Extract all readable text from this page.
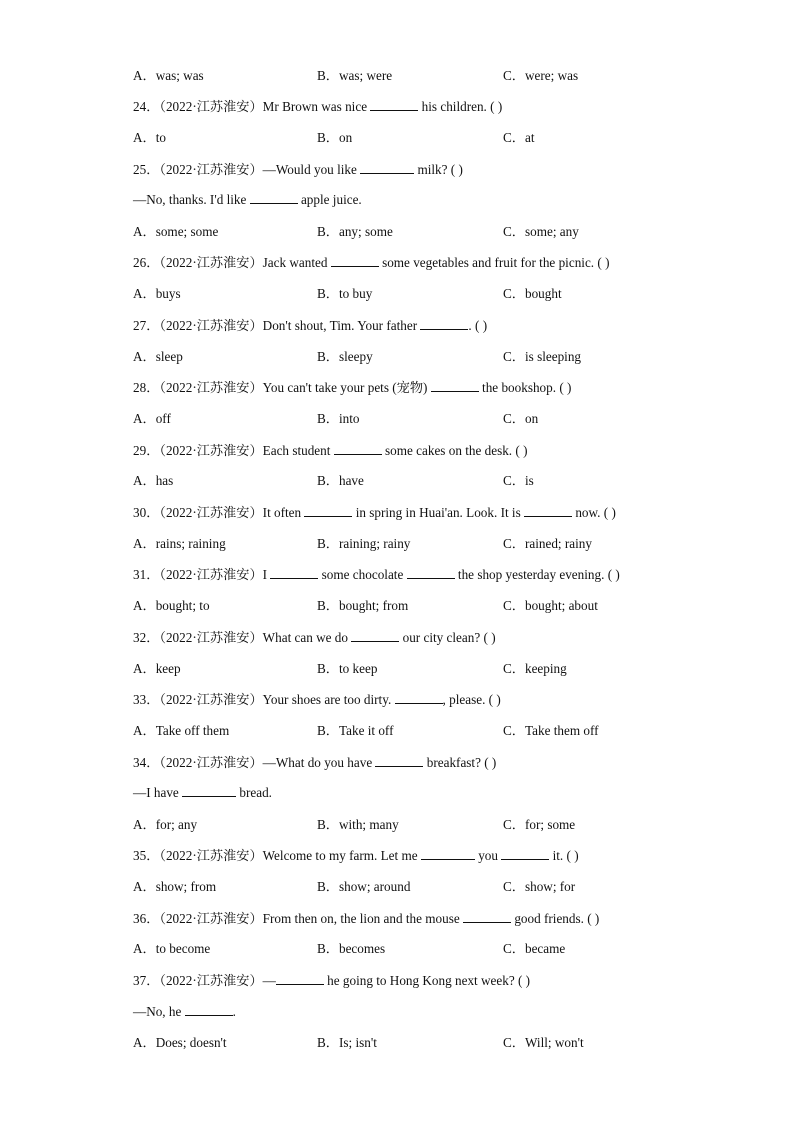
A．was; was	B．was; were	C．were; was
24．（2022·江苏淮安）Mr Brown was nice	his children. ( )
A．to	B．on	C．at
25．（2022·江苏淮安）—Would you like	milk? ( )
—No, thanks. I'd like	apple juice.
A．some; some	B．any; some	C．some; any
26．（2022·江苏淮安）Jack wanted	some vegetables and fruit for the picnic. ( )
A．buys	B．to buy	C．bought
27．（2022·江苏淮安）Don't shout, Tim. Your father	. ( )
A．sleep	B．sleepy	C．is sleeping
28．（2022·江苏淮安）You can't take your pets (宠物)	the bookshop. ( )
A．off	B．into	C．on
29．（2022·江苏淮安）Each student	some cakes on the desk. ( )
A．has	B．have	C．is
30．（2022·江苏淮安）It often	in spring in Huai'an. Look. It is	now. ( )
A．rains; raining	B．raining; rainy	C．rained; rainy
31．（2022·江苏淮安）I	some chocolate	the shop yesterday evening. ( )
A．bought; to	B．bought; from	C．bought; about
32．（2022·江苏淮安）What can we do	our city clean? ( )
A．keep	B．to keep	C．keeping
33．（2022·江苏淮安）Your shoes are too dirty.	, please. ( )
A．Take off them	B．Take it off	C．Take them off
34．（2022·江苏淮安）—What do you have	breakfast? ( )
—I have	bread.
A．for; any	B．with; many	C．for; some
35．（2022·江苏淮安）Welcome to my farm. Let me	you	it. ( )
A．show; from	B．show; around	C．show; for
36．（2022·江苏淮安）From then on, the lion and the mouse	good friends. ( )
A．to become	B．becomes	C．became
37．（2022·江苏淮安）—	he going to Hong Kong next week? ( )
—No, he	.
A．Does; doesn't	B．Is; isn't	C．Will; won't
